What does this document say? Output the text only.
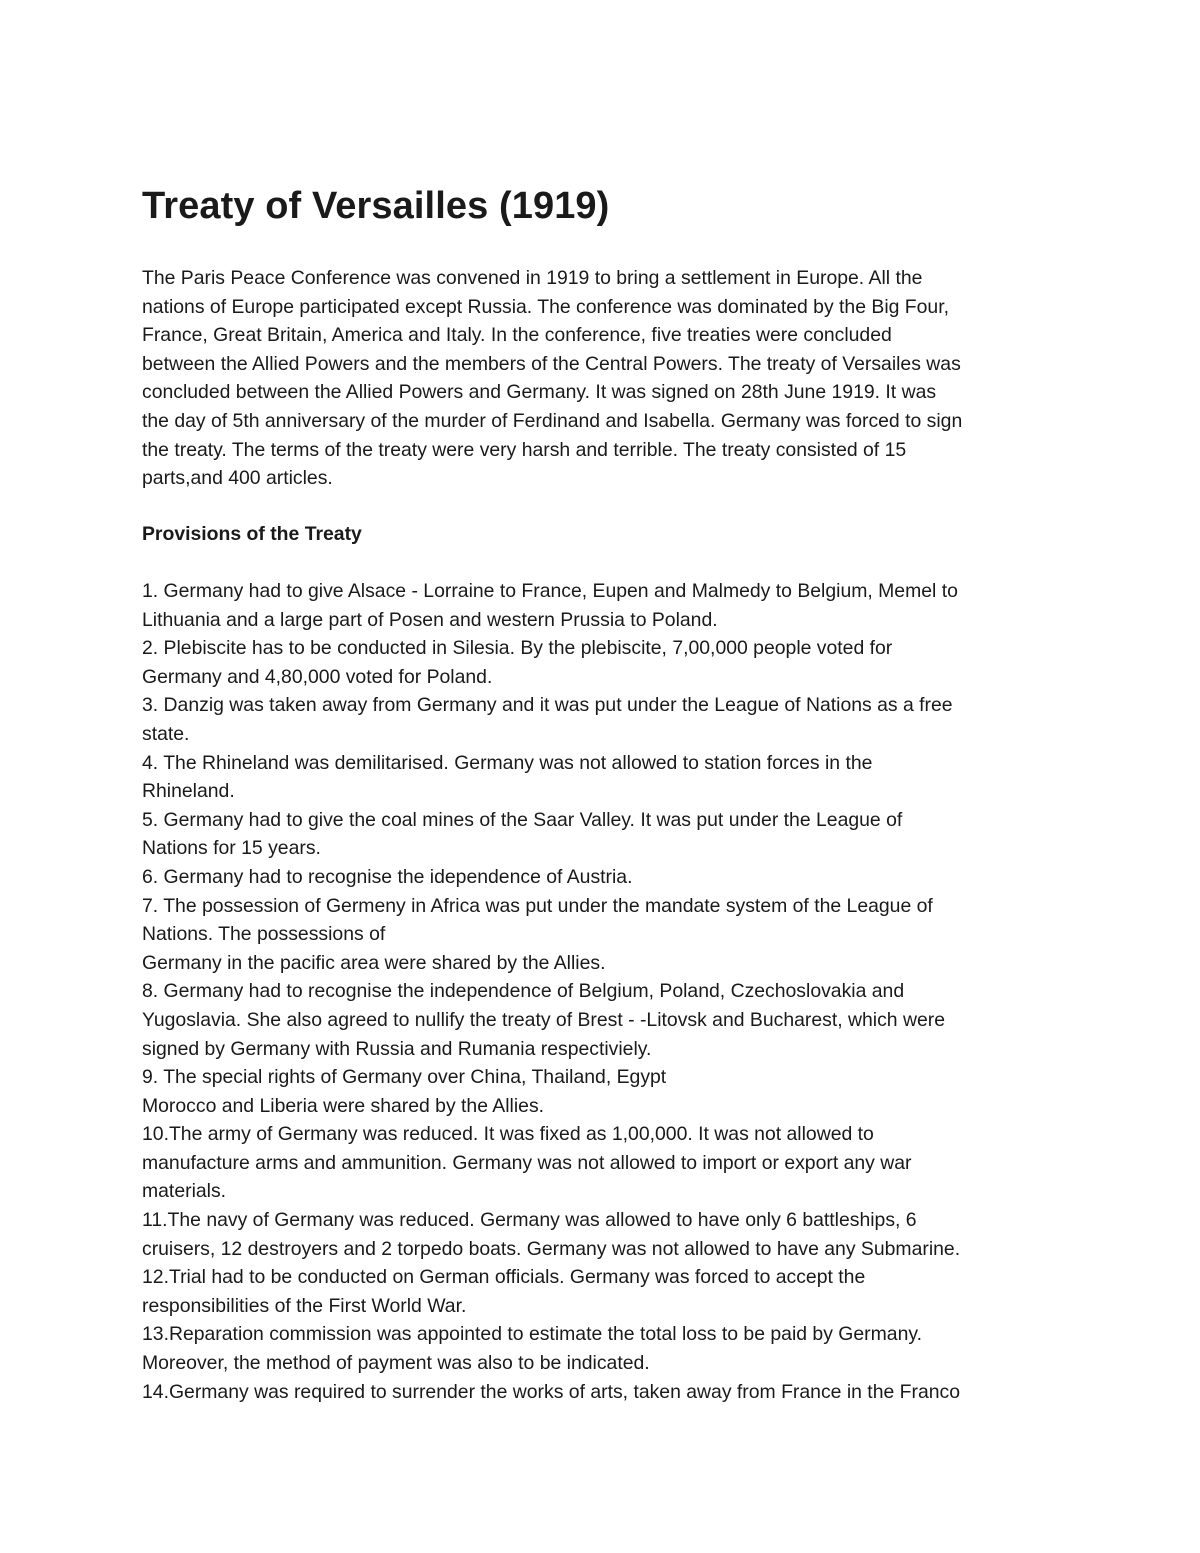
Treaty of Versailles (1919)

The Paris Peace Conference was convened in 1919 to bring a settlement in Europe. All the
nations of Europe participated except Russia. The conference was dominated by the Big Four,
France, Great Britain, America and Italy. In the conference, five treaties were concluded
between the Allied Powers and the members of the Central Powers. The treaty of Versailes was
concluded between the Allied Powers and Germany. It was signed on 28th June 1919. It was
the day of 5th anniversary of the murder of Ferdinand and Isabella. Germany was forced to sign
the treaty. The terms of the treaty were very harsh and terrible. The treaty consisted of 15
parts,and 400 articles.

Provisions of the Treaty
1. Germany had to give Alsace - Lorraine to France, Eupen and Malmedy to Belgium, Memel to
Lithuania and a large part of Posen and western Prussia to Poland.
2. Plebiscite has to be conducted in Silesia. By the plebiscite, 7,00,000 people voted for
Germany and 4,80,000 voted for Poland.
3. Danzig was taken away from Germany and it was put under the League of Nations as a free
state.
4. The Rhineland was demilitarised. Germany was not allowed to station forces in the
Rhineland.
5. Germany had to give the coal mines of the Saar Valley. It was put under the League of
Nations for 15 years.
6. Germany had to recognise the idependence of Austria.
7. The possession of Germeny in Africa was put under the mandate system of the League of
Nations. The possessions of
Germany in the pacific area were shared by the Allies.
8. Germany had to recognise the independence of Belgium, Poland, Czechoslovakia and
Yugoslavia. She also agreed to nullify the treaty of Brest - -Litovsk and Bucharest, which were
signed by Germany with Russia and Rumania respectiviely.
9. The special rights of Germany over China, Thailand, Egypt
Morocco and Liberia were shared by the Allies.
10.The army of Germany was reduced. It was fixed as 1,00,000. It was not allowed to
manufacture arms and ammunition. Germany was not allowed to import or export any war
materials.
11.The navy of Germany was reduced. Germany was allowed to have only 6 battleships, 6
cruisers, 12 destroyers and 2 torpedo boats. Germany was not allowed to have any Submarine.
12.Trial had to be conducted on German officials. Germany was forced to accept the
responsibilities of the First World War.
13.Reparation commission was appointed to estimate the total loss to be paid by Germany.
Moreover, the method of payment was also to be indicated.
14.Germany was required to surrender the works of arts, taken away from France in the Franco
